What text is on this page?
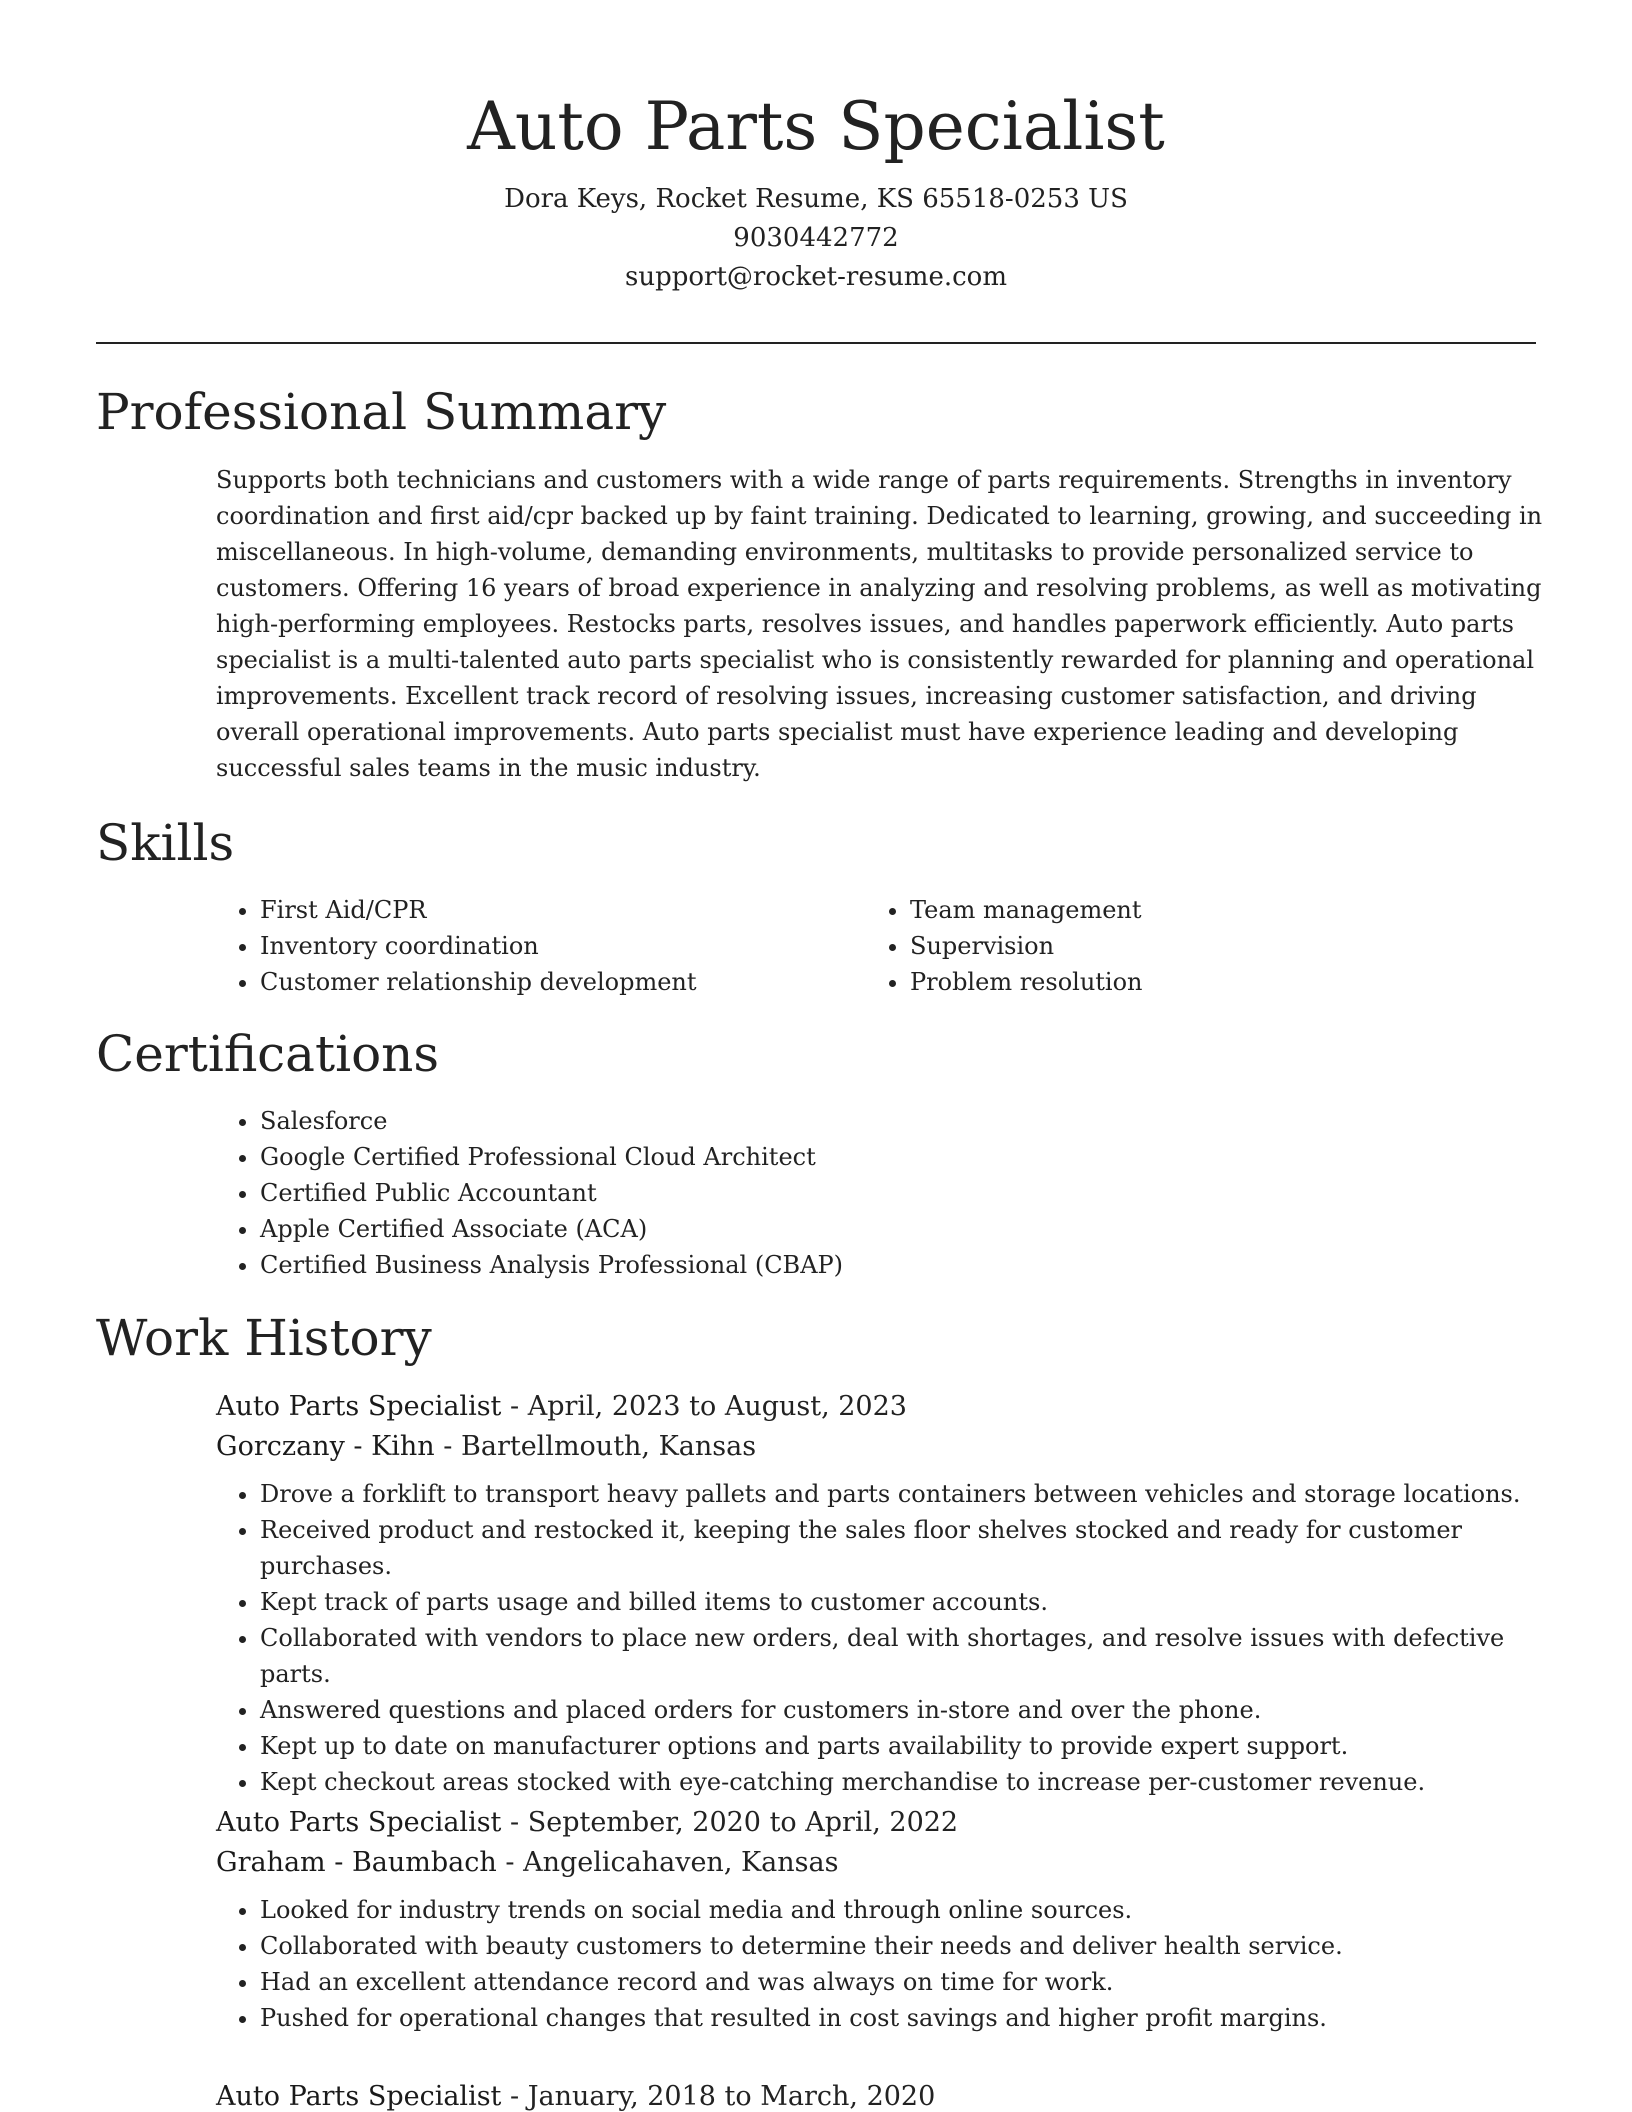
Auto Parts Specialist
Dora Keys, Rocket Resume, KS 65518-0253 US
9030442772
support@rocket-resume.com
Professional Summary
Supports both technicians and customers with a wide range of parts requirements. Strengths in inventory coordination and first aid/cpr backed up by faint training. Dedicated to learning, growing, and succeeding in miscellaneous. In high-volume, demanding environments, multitasks to provide personalized service to customers. Offering 16 years of broad experience in analyzing and resolving problems, as well as motivating high-performing employees. Restocks parts, resolves issues, and handles paperwork efficiently. Auto parts specialist is a multi-talented auto parts specialist who is consistently rewarded for planning and operational improvements. Excellent track record of resolving issues, increasing customer satisfaction, and driving overall operational improvements. Auto parts specialist must have experience leading and developing successful sales teams in the music industry.
Skills
• First Aid/CPR
• Inventory coordination
• Customer relationship development
• Team management
• Supervision
• Problem resolution
Certifications
• Salesforce
• Google Certified Professional Cloud Architect
• Certified Public Accountant
• Apple Certified Associate (ACA)
• Certified Business Analysis Professional (CBAP)
Work History
Auto Parts Specialist - April, 2023 to August, 2023
Gorczany - Kihn - Bartellmouth, Kansas
• Drove a forklift to transport heavy pallets and parts containers between vehicles and storage locations.
• Received product and restocked it, keeping the sales floor shelves stocked and ready for customer purchases.
• Kept track of parts usage and billed items to customer accounts.
• Collaborated with vendors to place new orders, deal with shortages, and resolve issues with defective parts.
• Answered questions and placed orders for customers in-store and over the phone.
• Kept up to date on manufacturer options and parts availability to provide expert support.
• Kept checkout areas stocked with eye-catching merchandise to increase per-customer revenue.
Auto Parts Specialist - September, 2020 to April, 2022
Graham - Baumbach - Angelicahaven, Kansas
• Looked for industry trends on social media and through online sources.
• Collaborated with beauty customers to determine their needs and deliver health service.
• Had an excellent attendance record and was always on time for work.
• Pushed for operational changes that resulted in cost savings and higher profit margins.
Auto Parts Specialist - January, 2018 to March, 2020
